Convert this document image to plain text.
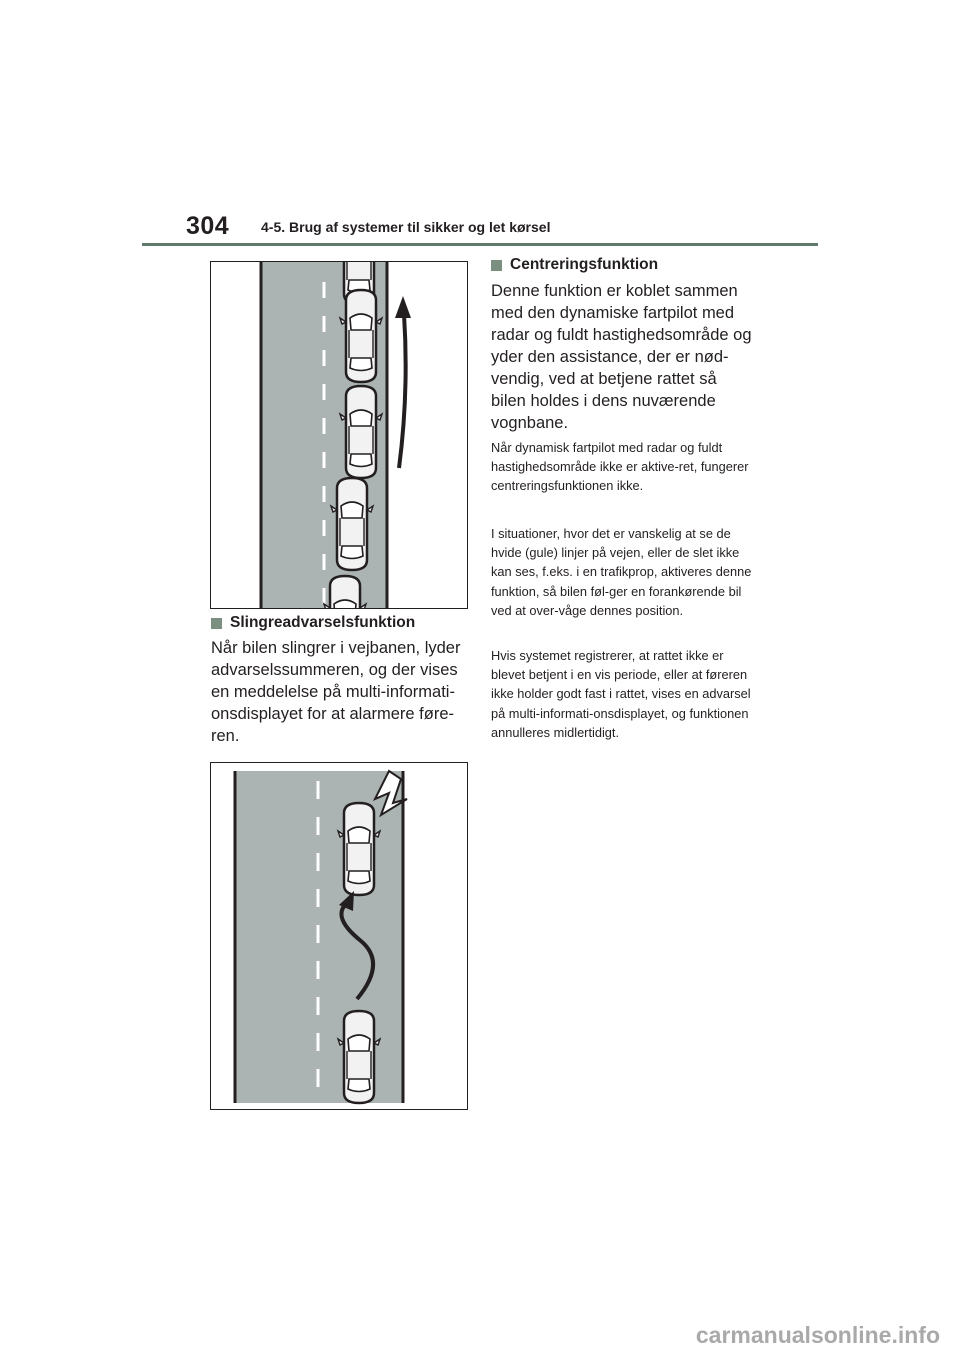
304 4-5. Brug af systemer til sikker og let kørsel
Slingreadvarselsfunktion

Når bilen slingrer i vejbanen, lyder advarselssummeren, og der vises en meddelelse på multi-informati-onsdisplayet for at alarmere føre-ren.

Centreringsfunktion

Denne funktion er koblet sammen med den dynamiske fartpilot med radar og fuldt hastighedsområde og yder den assistance, der er nød-vendig, ved at betjene rattet så bilen holdes i dens nuværende vognbane.

Når dynamisk fartpilot med radar og fuldt hastighedsområde ikke er aktive-ret, fungerer centreringsfunktionen ikke.

I situationer, hvor det er vanskelig at se de hvide (gule) linjer på vejen, eller de slet ikke kan ses, f.eks. i en trafikprop, aktiveres denne funktion, så bilen føl-ger en forankørende bil ved at over-våge dennes position.

Hvis systemet registrerer, at rattet ikke er blevet betjent i en vis periode, eller at føreren ikke holder godt fast i rattet, vises en advarsel på multi-informati-onsdisplayet, og funktionen annulleres midlertidigt.

carmanualsonline.info
